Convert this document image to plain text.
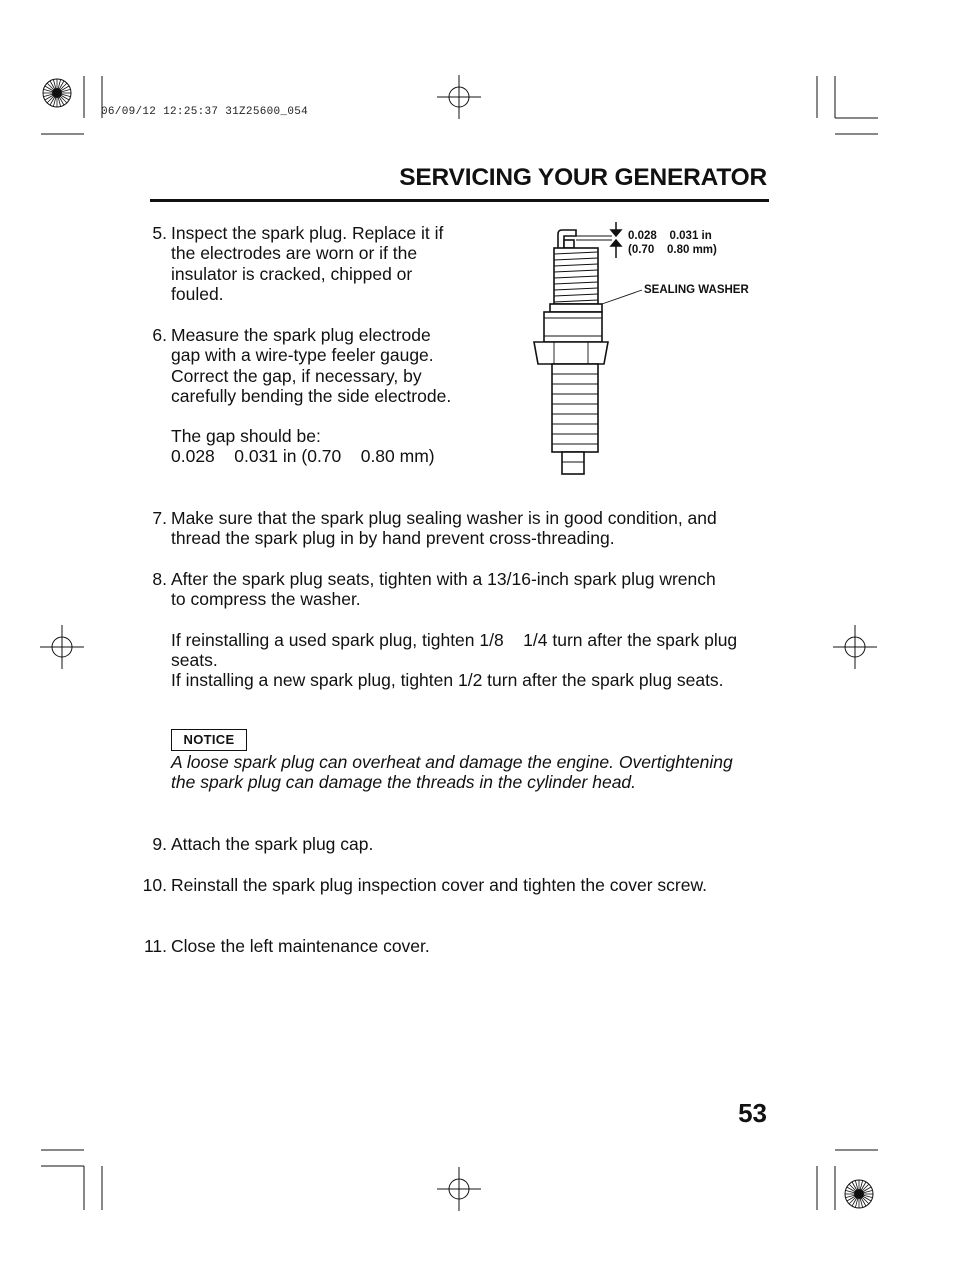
06/09/12 12:25:37 31Z25600_054
SERVICING YOUR GENERATOR
0.028    0.031 in
(0.70    0.80 mm)
SEALING WASHER
5. Inspect the spark plug. Replace it if the electrodes are worn or if the insulator is cracked, chipped or fouled.
6. Measure the spark plug electrode gap with a wire-type feeler gauge. Correct the gap, if necessary, by carefully bending the side electrode.
The gap should be:
0.028    0.031 in (0.70    0.80 mm)
7. Make sure that the spark plug sealing washer is in good condition, and thread the spark plug in by hand prevent cross-threading.
8. After the spark plug seats, tighten with a 13/16-inch spark plug wrench to compress the washer.
If reinstalling a used spark plug, tighten 1/8    1/4 turn after the spark plug seats.
If installing a new spark plug, tighten 1/2 turn after the spark plug seats.
NOTICE
A loose spark plug can overheat and damage the engine. Overtightening the spark plug can damage the threads in the cylinder head.
9. Attach the spark plug cap.
10. Reinstall the spark plug inspection cover and tighten the cover screw.
11. Close the left maintenance cover.
53
